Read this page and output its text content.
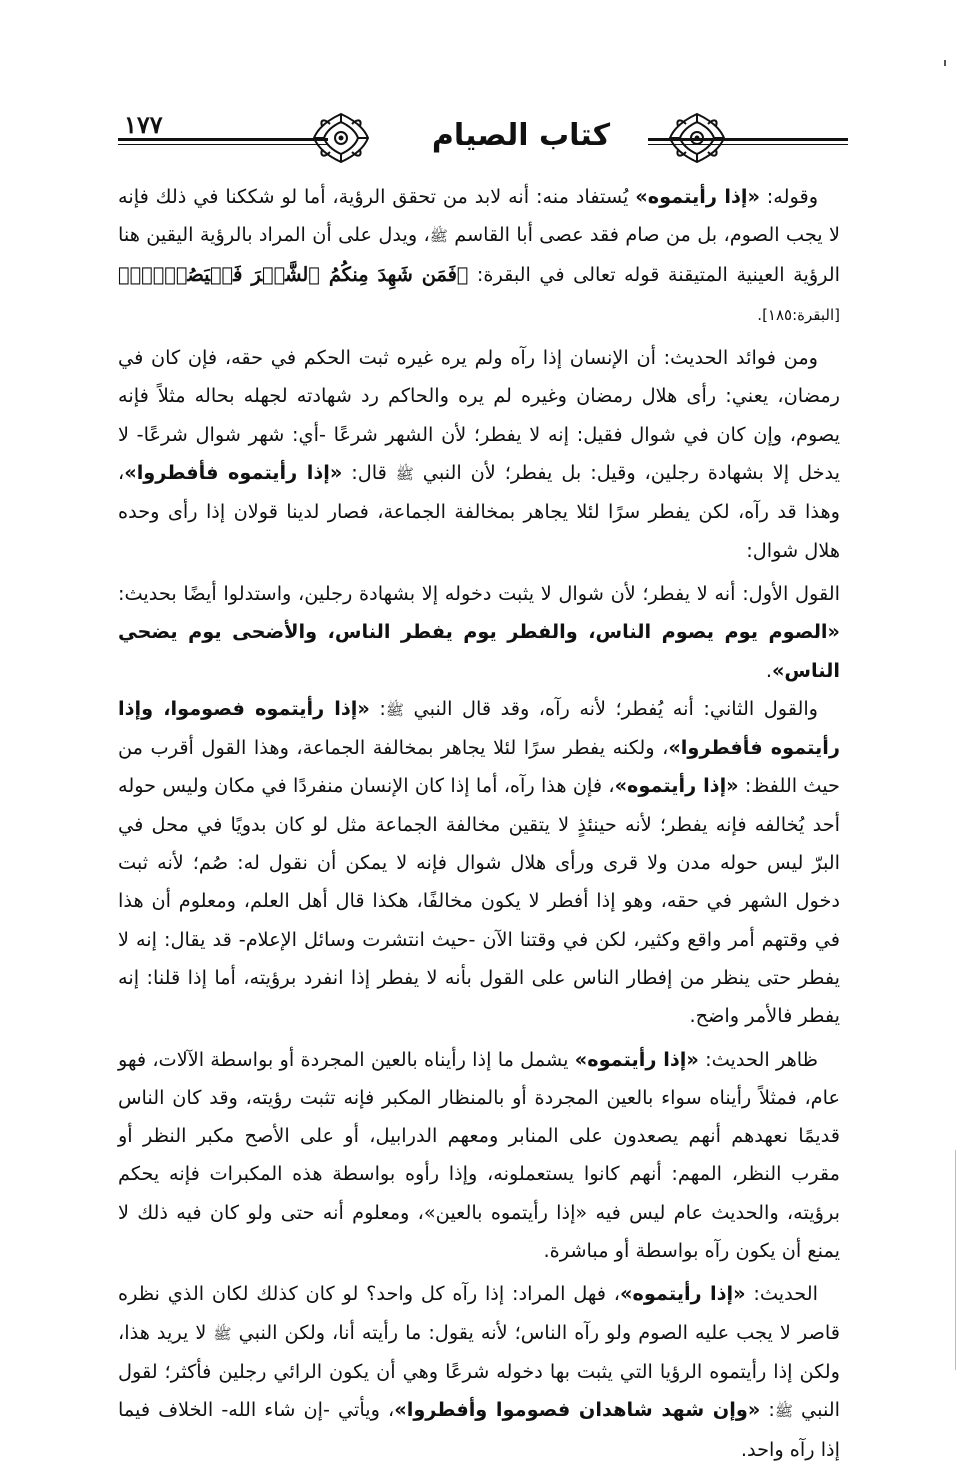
١٧٧	كتاب الصيام

وقوله: «إذا رأيتموه» يُستفاد منه: أنه لابد من تحقق الرؤية، أما لو شككنا في ذلك فإنه لا يجب الصوم، بل من صام فقد عصى أبا القاسم ﷺ، ويدل على أن المراد بالرؤية اليقين هنا الرؤية العينية المتيقنة قوله تعالى في البقرة: ﴿فَمَن شَهِدَ مِنكُمُ ٱلشَّهۡرَ فَلۡيَصُمۡهُۖ﴾ [البقرة:١٨٥].

ومن فوائد الحديث: أن الإنسان إذا رآه ولم يره غيره ثبت الحكم في حقه، فإن كان في رمضان، يعني: رأى هلال رمضان وغيره لم يره والحاكم رد شهادته لجهله بحاله مثلاً فإنه يصوم، وإن كان في شوال فقيل: إنه لا يفطر؛ لأن الشهر شرعًا -أي: شهر شوال شرعًا- لا يدخل إلا بشهادة رجلين، وقيل: بل يفطر؛ لأن النبي ﷺ قال: «إذا رأيتموه فأفطروا»، وهذا قد رآه، لكن يفطر سرًا لئلا يجاهر بمخالفة الجماعة، فصار لدينا قولان إذا رأى وحده هلال شوال:

القول الأول: أنه لا يفطر؛ لأن شوال لا يثبت دخوله إلا بشهادة رجلين، واستدلوا أيضًا بحديث: «الصوم يوم يصوم الناس، والفطر يوم يفطر الناس، والأضحى يوم يضحي الناس».

والقول الثاني: أنه يُفطر؛ لأنه رآه، وقد قال النبي ﷺ: «إذا رأيتموه فصوموا، وإذا رأيتموه فأفطروا»، ولكنه يفطر سرًا لئلا يجاهر بمخالفة الجماعة، وهذا القول أقرب من حيث اللفظ: «إذا رأيتموه»، فإن هذا رآه، أما إذا كان الإنسان منفردًا في مكان وليس حوله أحد يُخالفه فإنه يفطر؛ لأنه حينئذٍ لا يتقين مخالفة الجماعة مثل لو كان بدويًا في محل في البرّ ليس حوله مدن ولا قرى ورأى هلال شوال فإنه لا يمكن أن نقول له: صُم؛ لأنه ثبت دخول الشهر في حقه، وهو إذا أفطر لا يكون مخالفًا، هكذا قال أهل العلم، ومعلوم أن هذا في وقتهم أمر واقع وكثير، لكن في وقتنا الآن -حيث انتشرت وسائل الإعلام- قد يقال: إنه لا يفطر حتى ينظر من إفطار الناس على القول بأنه لا يفطر إذا انفرد برؤيته، أما إذا قلنا: إنه يفطر فالأمر واضح.

ظاهر الحديث: «إذا رأيتموه» يشمل ما إذا رأيناه بالعين المجردة أو بواسطة الآلات، فهو عام، فمثلاً رأيناه سواء بالعين المجردة أو بالمنظار المكبر فإنه تثبت رؤيته، وقد كان الناس قديمًا نعهدهم أنهم يصعدون على المنابر ومعهم الدرابيل، أو على الأصح مكبر النظر أو مقرب النظر، المهم: أنهم كانوا يستعملونه، وإذا رأوه بواسطة هذه المكبرات فإنه يحكم برؤيته، والحديث عام ليس فيه «إذا رأيتموه بالعين»، ومعلوم أنه حتى ولو كان فيه ذلك لا يمنع أن يكون رآه بواسطة أو مباشرة.

الحديث: «إذا رأيتموه»، فهل المراد: إذا رآه كل واحد؟ لو كان كذلك لكان الذي نظره قاصر لا يجب عليه الصوم ولو رآه الناس؛ لأنه يقول: ما رأيته أنا، ولكن النبي ﷺ لا يريد هذا، ولكن إذا رأيتموه الرؤيا التي يثبت بها دخوله شرعًا وهي أن يكون الرائي رجلين فأكثر؛ لقول النبي ﷺ: «وإن شهد شاهدان فصوموا وأفطروا»، ويأتي -إن شاء الله- الخلاف فيما إذا رآه واحد.
